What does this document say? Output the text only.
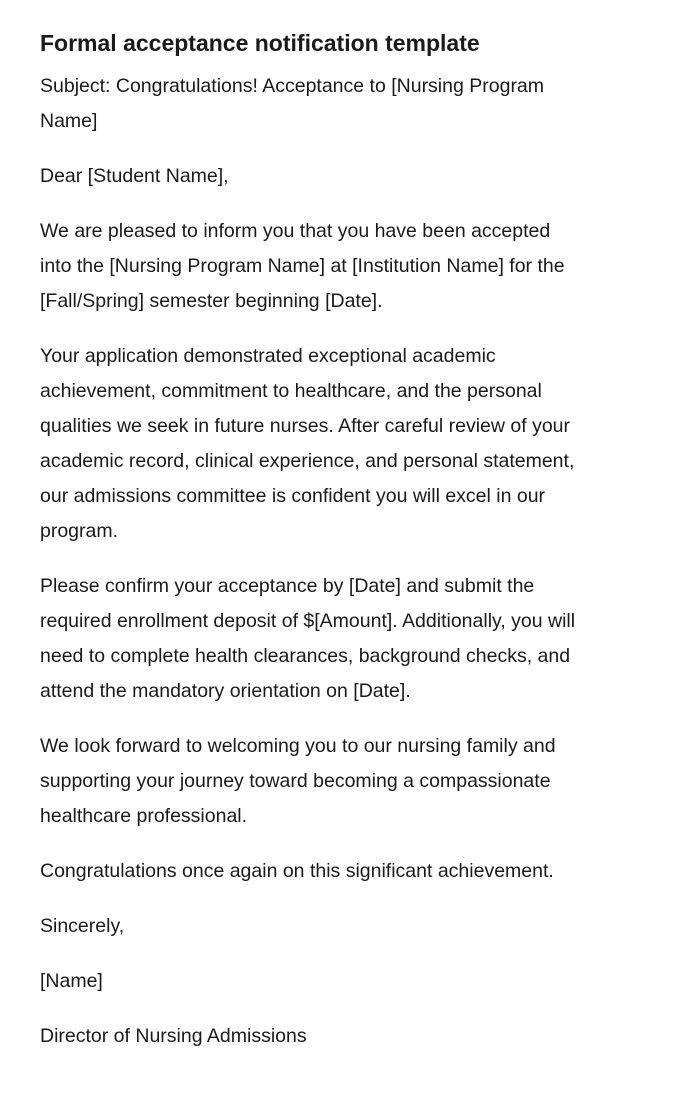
Formal acceptance notification template

Subject: Congratulations! Acceptance to [Nursing Program
Name]

Dear [Student Name],

We are pleased to inform you that you have been accepted
into the [Nursing Program Name] at [Institution Name] for the
[Fall/Spring] semester beginning [Date].

Your application demonstrated exceptional academic
achievement, commitment to healthcare, and the personal
qualities we seek in future nurses. After careful review of your
academic record, clinical experience, and personal statement,
our admissions committee is confident you will excel in our
program.

Please confirm your acceptance by [Date] and submit the
required enrollment deposit of $[Amount]. Additionally, you will
need to complete health clearances, background checks, and
attend the mandatory orientation on [Date].

We look forward to welcoming you to our nursing family and
supporting your journey toward becoming a compassionate
healthcare professional.

Congratulations once again on this significant achievement.

Sincerely,

[Name]

Director of Nursing Admissions
